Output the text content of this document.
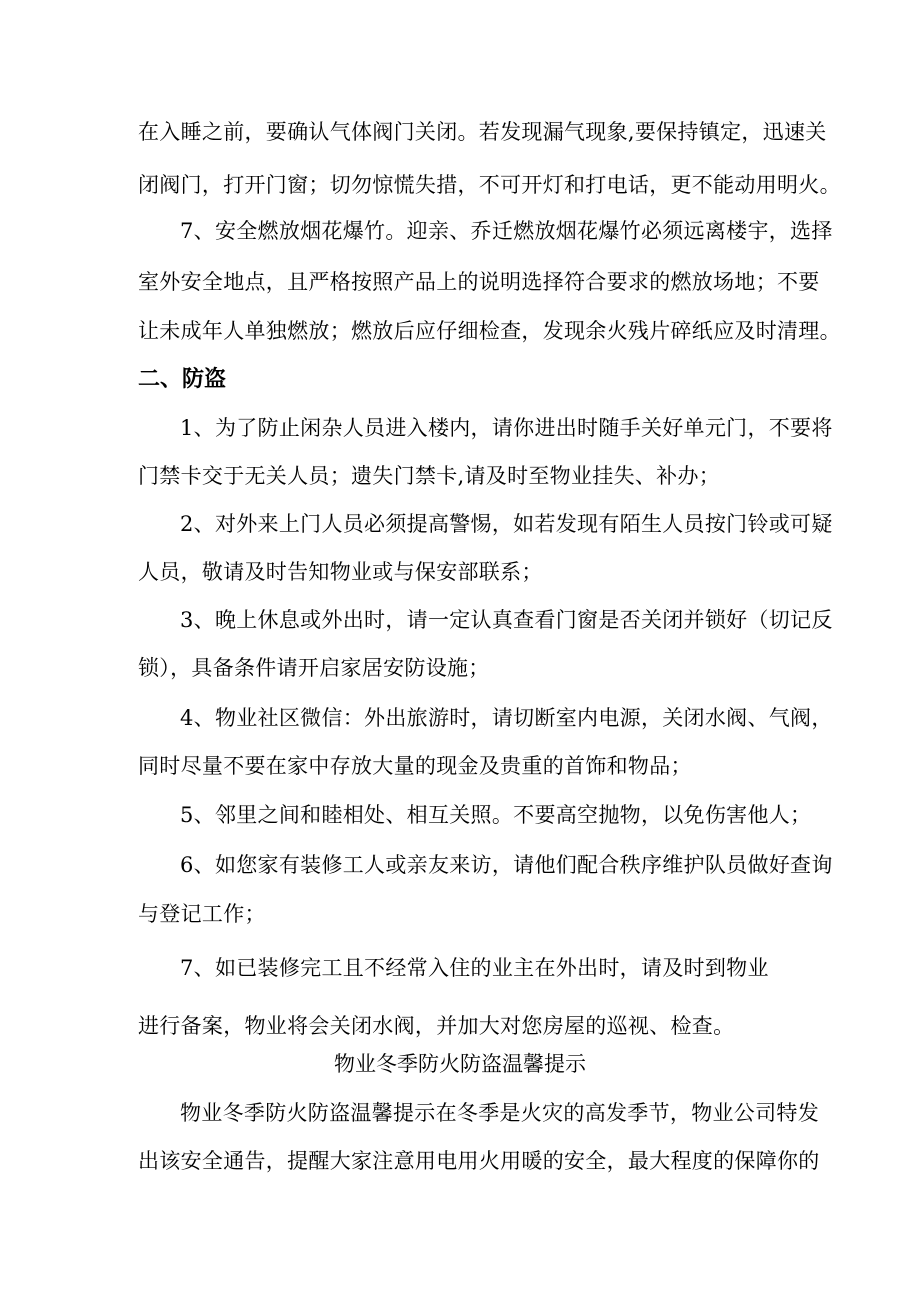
在入睡之前，要确认气体阀门关闭。若发现漏气现象,要保持镇定，迅速关
闭阀门，打开门窗；切勿惊慌失措，不可开灯和打电话，更不能动用明火。
7、安全燃放烟花爆竹。迎亲、乔迁燃放烟花爆竹必须远离楼宇，选择
室外安全地点，且严格按照产品上的说明选择符合要求的燃放场地；不要
让未成年人单独燃放；燃放后应仔细检查，发现余火残片碎纸应及时清理。
二、防盗
1、为了防止闲杂人员进入楼内，请你进出时随手关好单元门，不要将
门禁卡交于无关人员；遗失门禁卡,请及时至物业挂失、补办；
2、对外来上门人员必须提高警惕，如若发现有陌生人员按门铃或可疑
人员，敬请及时告知物业或与保安部联系；
3、晚上休息或外出时，请一定认真查看门窗是否关闭并锁好（切记反
锁），具备条件请开启家居安防设施；
4、物业社区微信：外出旅游时，请切断室内电源，关闭水阀、气阀，
同时尽量不要在家中存放大量的现金及贵重的首饰和物品；
5、邻里之间和睦相处、相互关照。不要高空抛物，以免伤害他人；
6、如您家有装修工人或亲友来访，请他们配合秩序维护队员做好查询
与登记工作；
7、如已装修完工且不经常入住的业主在外出时，请及时到物业
进行备案，物业将会关闭水阀，并加大对您房屋的巡视、检查。
物业冬季防火防盗温馨提示
物业冬季防火防盗温馨提示在冬季是火灾的高发季节，物业公司特发
出该安全通告，提醒大家注意用电用火用暖的安全，最大程度的保障你的
